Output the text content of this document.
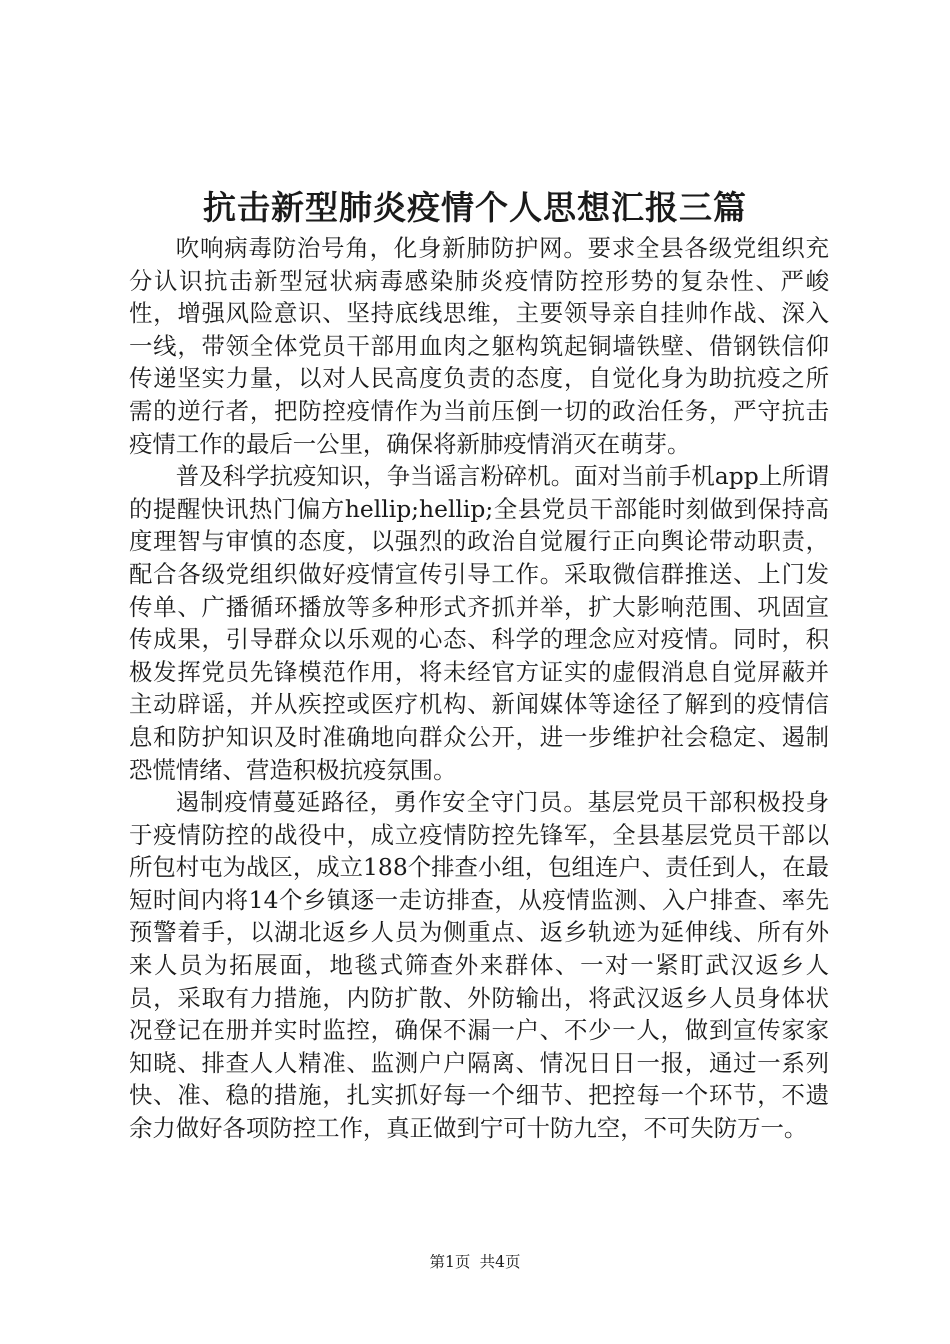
抗击新型肺炎疫情个人思想汇报三篇

吹响病毒防治号角，化身新肺防护网。要求全县各级党组织充分认识抗击新型冠状病毒感染肺炎疫情防控形势的复杂性、严峻性，增强风险意识、坚持底线思维，主要领导亲自挂帅作战、深入一线，带领全体党员干部用血肉之躯构筑起铜墙铁壁、借钢铁信仰传递坚实力量，以对人民高度负责的态度，自觉化身为助抗疫之所需的逆行者，把防控疫情作为当前压倒一切的政治任务，严守抗击疫情工作的最后一公里，确保将新肺疫情消灭在萌芽。

普及科学抗疫知识，争当谣言粉碎机。面对当前手机app上所谓的提醒快讯热门偏方hellip;hellip;全县党员干部能时刻做到保持高度理智与审慎的态度，以强烈的政治自觉履行正向舆论带动职责，配合各级党组织做好疫情宣传引导工作。采取微信群推送、上门发传单、广播循环播放等多种形式齐抓并举，扩大影响范围、巩固宣传成果，引导群众以乐观的心态、科学的理念应对疫情。同时，积极发挥党员先锋模范作用，将未经官方证实的虚假消息自觉屏蔽并主动辟谣，并从疾控或医疗机构、新闻媒体等途径了解到的疫情信息和防护知识及时准确地向群众公开，进一步维护社会稳定、遏制恐慌情绪、营造积极抗疫氛围。

遏制疫情蔓延路径，勇作安全守门员。基层党员干部积极投身于疫情防控的战役中，成立疫情防控先锋军，全县基层党员干部以所包村屯为战区，成立188个排查小组，包组连户、责任到人，在最短时间内将14个乡镇逐一走访排查，从疫情监测、入户排查、率先预警着手，以湖北返乡人员为侧重点、返乡轨迹为延伸线、所有外来人员为拓展面，地毯式筛查外来群体、一对一紧盯武汉返乡人员，采取有力措施，内防扩散、外防输出，将武汉返乡人员身体状况登记在册并实时监控，确保不漏一户、不少一人，做到宣传家家知晓、排查人人精准、监测户户隔离、情况日日一报，通过一系列快、准、稳的措施，扎实抓好每一个细节、把控每一个环节，不遗余力做好各项防控工作，真正做到宁可十防九空，不可失防万一。

第1页 共4页
